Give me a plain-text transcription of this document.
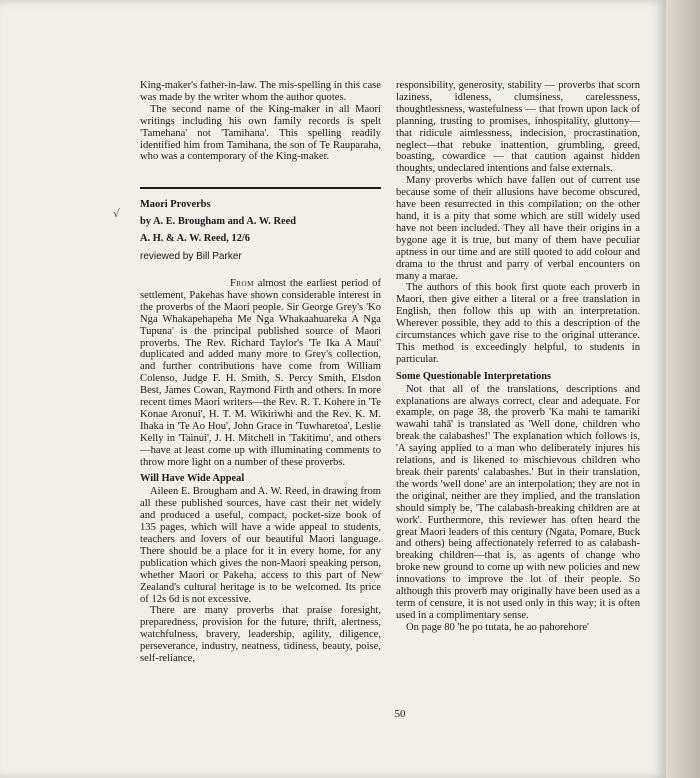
√

King-maker's father-in-law. The mis-spelling in this case was made by the writer whom the author quotes.

The second name of the King-maker in all Maori writings including his own family records is spelt 'Tamehana' not 'Tamihana'. This spelling readily identified him from Tamihana, the son of Te Rauparaha, who was a contemporary of the King-maker.

Maori Proverbs
by A. E. Brougham and A. W. Reed
A. H. & A. W. Reed, 12/6
reviewed by Bill Parker

From almost the earliest period of settlement, Pakehas have shown considerable interest in the proverbs of the Maori people. Sir George Grey's 'Ko Nga Whakapehapeha Me Nga Whakaahuareka A Nga Tupuna' is the principal published source of Maori proverbs. The Rev. Richard Taylor's 'Te Ika A Maui' duplicated and added many more to Grey's collection, and further contributions have come from William Colenso, Judge F. H. Smith, S. Percy Smith, Elsdon Best, James Cowan, Raymond Firth and others. In more recent times Maori writers—the Rev. R. T. Kohere in 'Te Konae Aronui', H. T. M. Wikiriwhi and the Rev. K. M. Ihaka in 'Te Ao Hou', John Grace in 'Tuwharetoa', Leslie Kelly in 'Tainui', J. H. Mitchell in 'Takitimu', and others—have at least come up with illuminating comments to throw more light on a number of these proverbs.

Will Have Wide Appeal

Aileen E. Brougham and A. W. Reed, in drawing from all these published sources, have cast their net widely and produced a useful, compact, pocket-size book of 135 pages, which will have a wide appeal to students, teachers and lovers of our beautiful Maori language. There should be a place for it in every home, for any publication which gives the non-Maori speaking person, whether Maori or Pakeha, access to this part of New Zealand's cultural heritage is to be welcomed. Its price of 12s 6d is not excessive.

There are many proverbs that praise foresight, preparedness, provision for the future, thrift, alertness, watchfulness, bravery, leadership, agility, diligence, perseverance, industry, neatness, tidiness, beauty, poise, self-reliance,

responsibility, generosity, stability — proverbs that scorn laziness, idleness, clumsiness, carelessness, thoughtlessness, wastefulness — that frown upon lack of planning, trusting to promises, inhospitality, gluttony—that ridicule aimlessness, indecision, procrastination, neglect—that rebuke inattention, grumbling, greed, boasting, cowardice — that caution against hidden thoughts, undeclared intentions and false externals.

Many proverbs which have fallen out of current use because some of their allusions have become obscured, have been resurrected in this compilation; on the other hand, it is a pity that some which are still widely used have not been included. They all have their origins in a bygone age it is true, but many of them have peculiar aptness in our time and are still quoted to add colour and drama to the thrust and parry of verbal encounters on many a marae.

The authors of this book first quote each proverb in Maori, then give either a literal or a free translation in English, then follow this up with an interpretation. Wherever possible, they add to this a description of the circumstances which gave rise to the original utterance. This method is exceedingly helpful, to students in particular.

Some Questionable Interpretations

Not that all of the translations, descriptions and explanations are always correct, clear and adequate. For example, on page 38, the proverb 'Ka mahi te tamariki wawahi tahā' is translated as 'Well done, children who break the calabashes!' The explanation which follows is, 'A saying applied to a man who deliberately injures his relations, and is likened to mischievous children who break their parents' calabashes.' But in their translation, the words 'well done' are an interpolation; they are not in the original, neither are they implied, and the translation should simply be, 'The calabash-breaking children are at work'. Furthermore, this reviewer has often heard the great Maori leaders of this century (Ngata, Pomare, Buck and others) being affectionately referred to as calabash-breaking children—that is, as agents of change who broke new ground to come up with new policies and new innovations to improve the lot of their people. So although this proverb may originally have been used as a term of censure, it is not used only in this way; it is often used in a complimentary sense.

On page 80 'he po tutata, he ao pahorehore'

50
